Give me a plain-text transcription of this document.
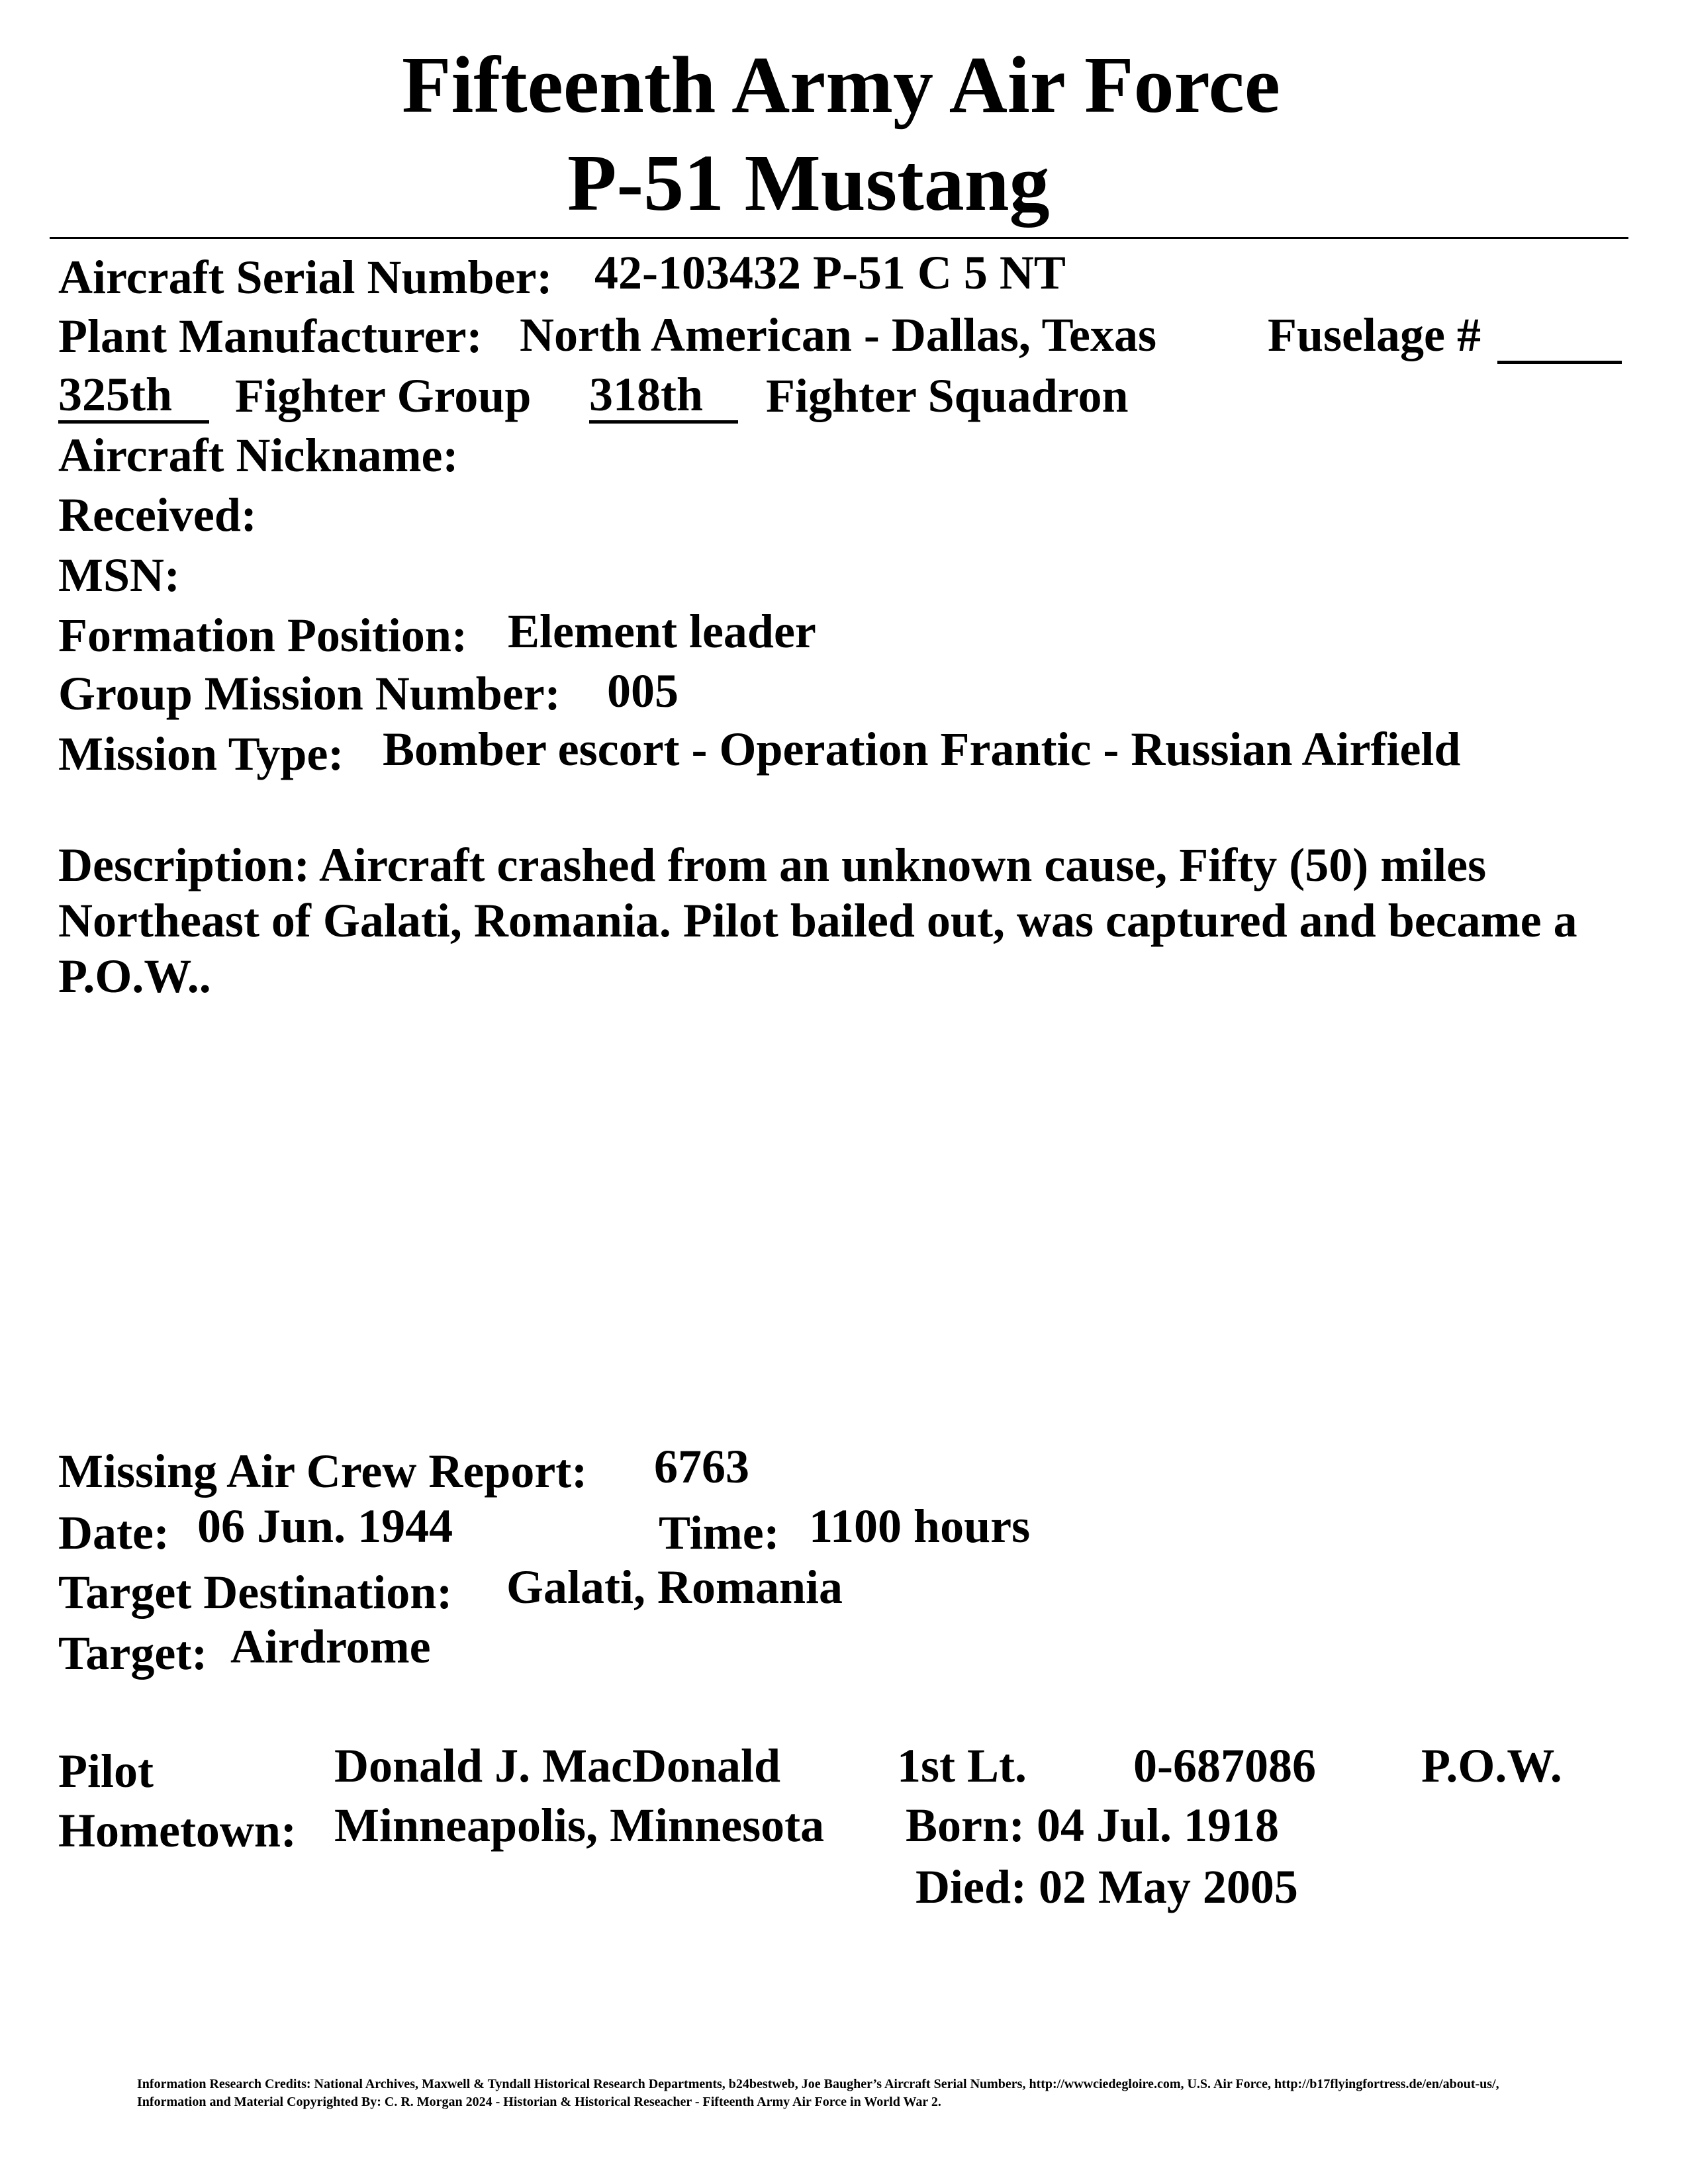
Fifteenth Army Air Force
P-51 Mustang
Aircraft Serial Number: 42-103432 P-51 C 5 NT
Plant Manufacturer: North American - Dallas, Texas Fuselage #
325th	Fighter Group 318th	Fighter Squadron
Aircraft Nickname:
Received:
MSN:
Formation Position: Element leader
Group Mission Number: 005
Mission Type: Bomber escort - Operation Frantic - Russian Airfield
Description: Aircraft crashed from an unknown cause, Fifty (50) miles Northeast of Galati, Romania. Pilot bailed out, was captured and became a P.O.W..
Missing Air Crew Report: 6763
Date: 06 Jun. 1944	Time: 1100 hours
Target Destination: Galati, Romania
Target: Airdrome
Pilot	Donald J. MacDonald 1st Lt. 0-687086 P.O.W.
Hometown: Minneapolis, Minnesota Born: 04 Jul. 1918
Died: 02 May 2005
Information Research Credits: National Archives, Maxwell & Tyndall Historical Research Departments, b24bestweb, Joe Baugher’s Aircraft Serial Numbers, http://wwwciedegloire.com, U.S. Air Force, http://b17flyingfortress.de/en/about-us/, Information and Material Copyrighted By: C. R. Morgan 2024 - Historian & Historical Reseacher - Fifteenth Army Air Force in World War 2.
